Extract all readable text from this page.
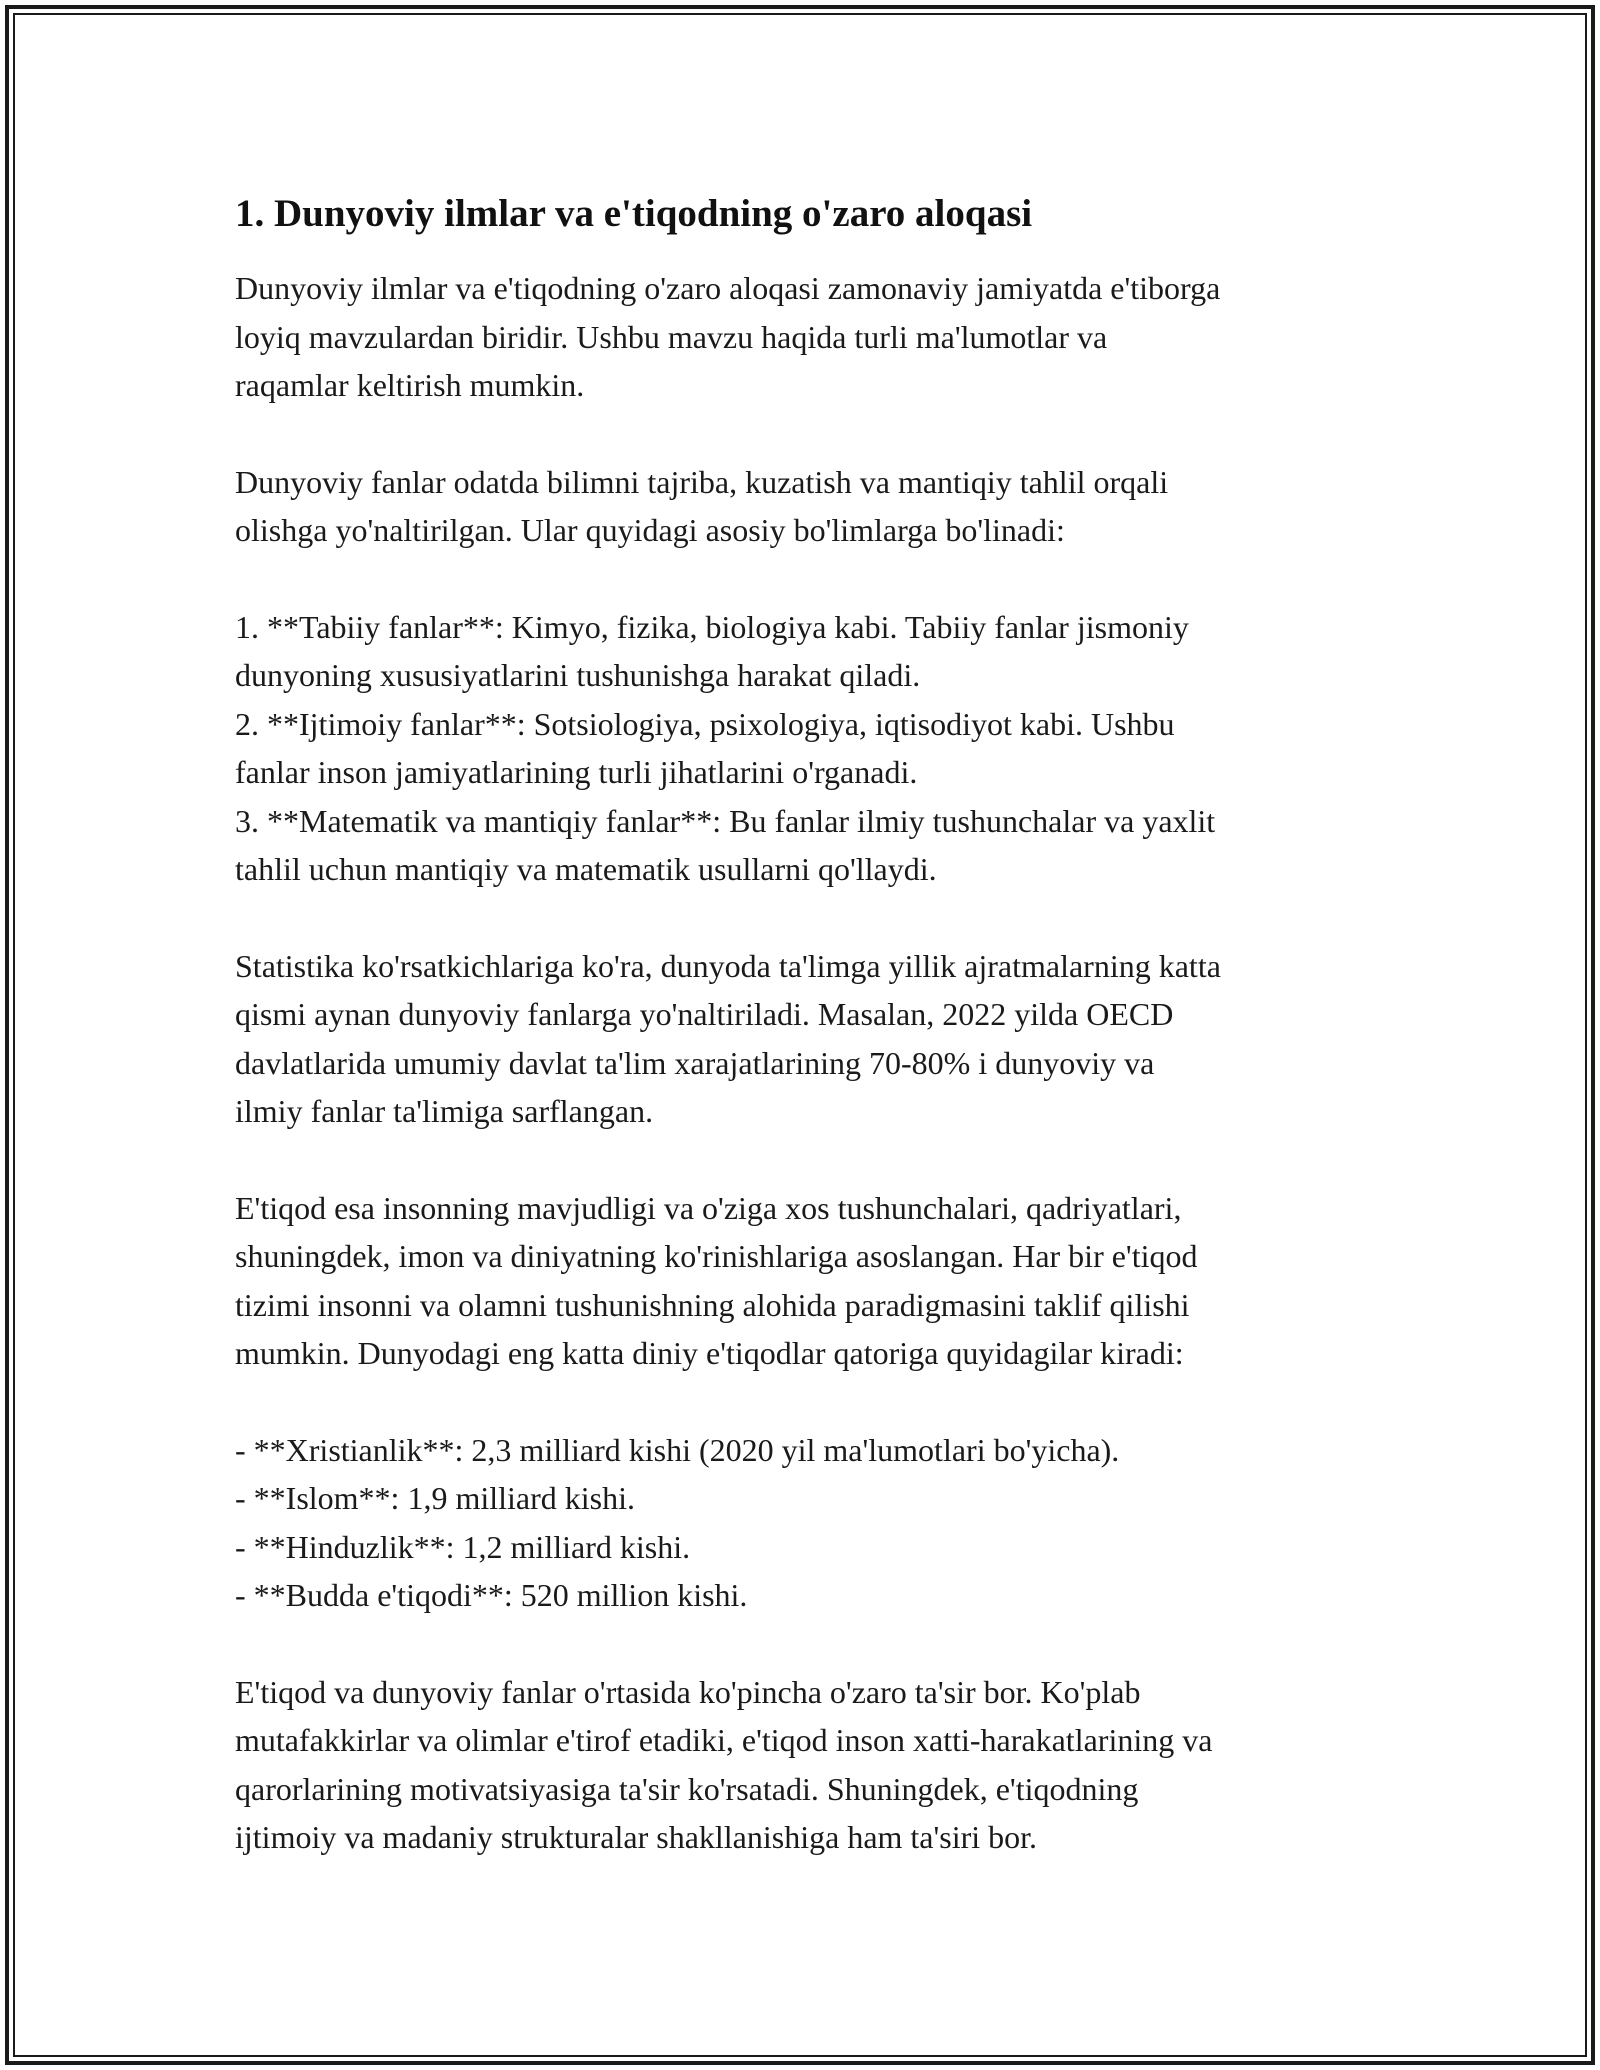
1. Dunyoviy ilmlar va e'tiqodning o'zaro aloqasi
Dunyoviy ilmlar va e'tiqodning o'zaro aloqasi zamonaviy jamiyatda e'tiborga
loyiq mavzulardan biridir. Ushbu mavzu haqida turli ma'lumotlar va
raqamlar keltirish mumkin.
Dunyoviy fanlar odatda bilimni tajriba, kuzatish va mantiqiy tahlil orqali
olishga yo'naltirilgan. Ular quyidagi asosiy bo'limlarga bo'linadi:
1. **Tabiiy fanlar**: Kimyo, fizika, biologiya kabi. Tabiiy fanlar jismoniy
dunyoning xususiyatlarini tushunishga harakat qiladi.
2. **Ijtimoiy fanlar**: Sotsiologiya, psixologiya, iqtisodiyot kabi. Ushbu
fanlar inson jamiyatlarining turli jihatlarini o'rganadi.
3. **Matematik va mantiqiy fanlar**: Bu fanlar ilmiy tushunchalar va yaxlit
tahlil uchun mantiqiy va matematik usullarni qo'llaydi.
Statistika ko'rsatkichlariga ko'ra, dunyoda ta'limga yillik ajratmalarning katta
qismi aynan dunyoviy fanlarga yo'naltiriladi. Masalan, 2022 yilda OECD
davlatlarida umumiy davlat ta'lim xarajatlarining 70-80% i dunyoviy va
ilmiy fanlar ta'limiga sarflangan.
E'tiqod esa insonning mavjudligi va o'ziga xos tushunchalari, qadriyatlari,
shuningdek, imon va diniyatning ko'rinishlariga asoslangan. Har bir e'tiqod
tizimi insonni va olamni tushunishning alohida paradigmasini taklif qilishi
mumkin. Dunyodagi eng katta diniy e'tiqodlar qatoriga quyidagilar kiradi:
- **Xristianlik**: 2,3 milliard kishi (2020 yil ma'lumotlari bo'yicha).
- **Islom**: 1,9 milliard kishi.
- **Hinduzlik**: 1,2 milliard kishi.
- **Budda e'tiqodi**: 520 million kishi.
E'tiqod va dunyoviy fanlar o'rtasida ko'pincha o'zaro ta'sir bor. Ko'plab
mutafakkirlar va olimlar e'tirof etadiki, e'tiqod inson xatti-harakatlarining va
qarorlarining motivatsiyasiga ta'sir ko'rsatadi. Shuningdek, e'tiqodning
ijtimoiy va madaniy strukturalar shakllanishiga ham ta'siri bor.
